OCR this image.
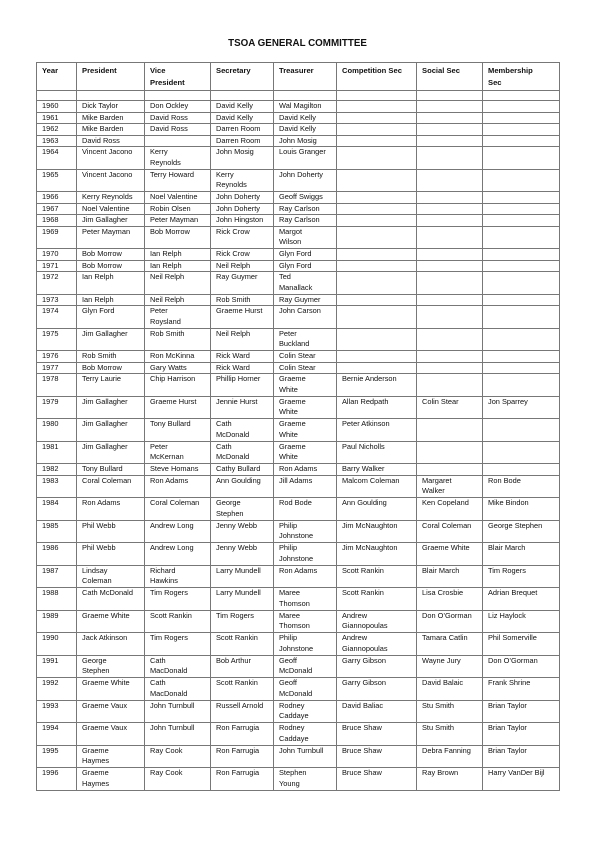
TSOA GENERAL COMMITTEE
Year	President	Vice President	Secretary	Treasurer	Competition Sec	Social Sec	Membership Sec

1960	Dick Taylor	Don Ockley	David Kelly	Wal Magilton			

1961	Mike Barden	David Ross	David Kelly	David Kelly			

1962	Mike Barden	David Ross	Darren Room	David Kelly			

1963	David Ross		Darren Room	John Mosig			

1964	Vincent Jacono	Kerry Reynolds	John Mosig	Louis Granger			

1965	Vincent Jacono	Terry Howard	Kerry Reynolds	John Doherty			

1966	Kerry Reynolds	Noel Valentine	John Doherty	Geoff Swiggs			

1967	Noel Valentine	Robin Olsen	John Doherty	Ray Carlson			

1968	Jim Gallagher	Peter Mayman	John Hingston	Ray Carlson			

1969	Peter Mayman	Bob Morrow	Rick Crow	Margot Wilson			

1970	Bob Morrow	Ian Relph	Rick Crow	Glyn Ford			

1971	Bob Morrow	Ian Relph	Neil Relph	Glyn Ford			

1972	Ian Relph	Neil Relph	Ray Guymer	Ted Manallack			

1973	Ian Relph	Neil Relph	Rob Smith	Ray Guymer			

1974	Glyn Ford	Peter Roysland	Graeme Hurst	John Carson			

1975	Jim Gallagher	Rob Smith	Neil Relph	Peter Buckland			

1976	Rob Smith	Ron McKinna	Rick Ward	Colin Stear			

1977	Bob Morrow	Gary Watts	Rick Ward	Colin Stear			

1978	Terry Laurie	Chip Harrison	Phillip Horner	Graeme White	Bernie Anderson		

1979	Jim Gallagher	Graeme Hurst	Jennie Hurst	Graeme White	Allan Redpath	Colin Stear	Jon Sparrey

1980	Jim Gallagher	Tony Bullard	Cath McDonald	Graeme White	Peter Atkinson		

1981	Jim Gallagher	Peter McKernan	Cath McDonald	Graeme White	Paul Nicholls		

1982	Tony Bullard	Steve Homans	Cathy Bullard	Ron Adams	Barry Walker		

1983	Coral Coleman	Ron Adams	Ann Goulding	Jill Adams	Malcom Coleman	Margaret Walker	Ron Bode

1984	Ron Adams	Coral Coleman	George Stephen	Rod Bode	Ann Goulding	Ken Copeland	Mike Bindon

1985	Phil Webb	Andrew Long	Jenny Webb	Philip Johnstone	Jim McNaughton	Coral Coleman	George Stephen

1986	Phil Webb	Andrew Long	Jenny Webb	Philip Johnstone	Jim McNaughton	Graeme White	Blair March

1987	Lindsay Coleman	Richard Hawkins	Larry Mundell	Ron Adams	Scott Rankin	Blair March	Tim Rogers

1988	Cath McDonald	Tim Rogers	Larry Mundell	Maree Thomson	Scott Rankin	Lisa Crosbie	Adrian Brequet

1989	Graeme White	Scott Rankin	Tim Rogers	Maree Thomson	Andrew Giannopoulas	Don O’Gorman	Liz Haylock

1990	Jack Atkinson	Tim Rogers	Scott Rankin	Philip Johnstone	Andrew Giannopoulas	Tamara Catlin	Phil Somerville

1991	George Stephen	Cath MacDonald	Bob Arthur	Geoff McDonald	Garry Gibson	Wayne Jury	Don O’Gorman

1992	Graeme White	Cath MacDonald	Scott Rankin	Geoff McDonald	Garry Gibson	David Balaic	Frank Shrine

1993	Graeme Vaux	John Turnbull	Russell Arnold	Rodney Caddaye	David Baliac	Stu Smith	Brian Taylor

1994	Graeme Vaux	John Turnbull	Ron Farrugia	Rodney Caddaye	Bruce Shaw	Stu Smith	Brian Taylor

1995	Graeme Haymes	Ray Cook	Ron Farrugia	John Turnbull	Bruce Shaw	Debra Fanning	Brian Taylor

1996	Graeme Haymes	Ray Cook	Ron Farrugia	Stephen Young	Bruce Shaw	Ray Brown	Harry VanDer Bijl
